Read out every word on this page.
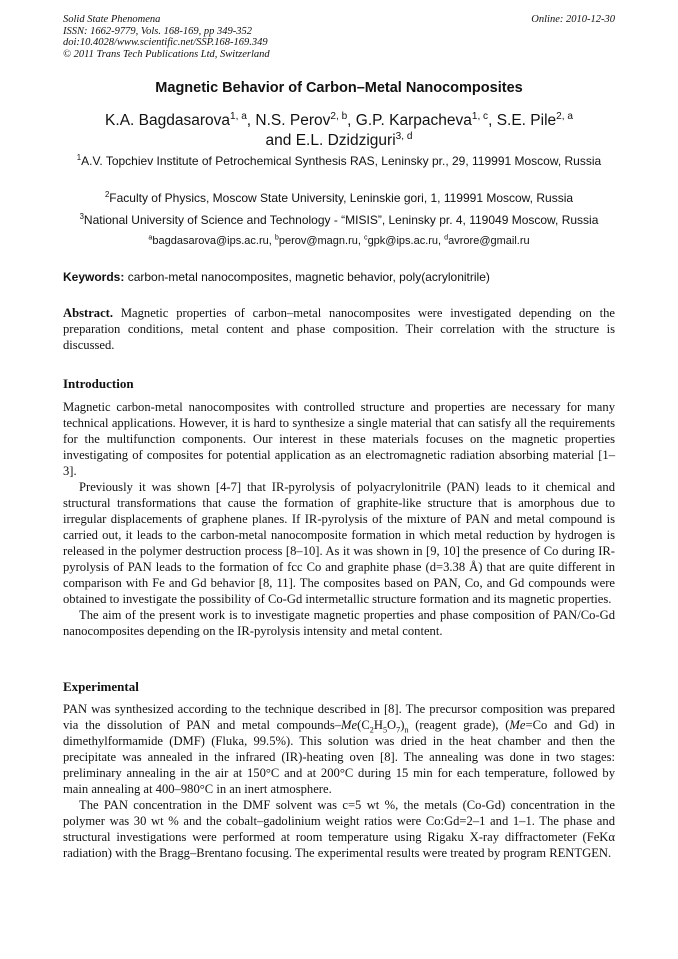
Solid State Phenomena
ISSN: 1662-9779, Vols. 168-169, pp 349-352
doi:10.4028/www.scientific.net/SSP.168-169.349
© 2011 Trans Tech Publications Ltd, Switzerland
Online: 2010-12-30
Magnetic Behavior of Carbon–Metal Nanocomposites
K.A. Bagdasarova$^{1, a}$, N.S. Perov$^{2, b}$, G.P. Karpacheva$^{1, c}$, S.E. Pile$^{2, a}$
and E.L. Dzidziguri$^{3, d}$
$^1$A.V. Topchiev Institute of Petrochemical Synthesis RAS, Leninsky pr., 29, 119991 Moscow, Russia
$^2$Faculty of Physics, Moscow State University, Leninskie gori, 1, 119991 Moscow, Russia
$^3$National University of Science and Technology - “MISIS”, Leninsky pr. 4, 119049 Moscow, Russia
$^a$bagdasarova@ips.ac.ru, $^b$perov@magn.ru, $^c$gpk@ips.ac.ru, $^d$avrore@gmail.ru
Keywords: carbon-metal nanocomposites, magnetic behavior, poly(acrylonitrile)

Abstract. Magnetic properties of carbon–metal nanocomposites were investigated depending on the preparation conditions, metal content and phase composition. Their correlation with the structure is discussed.

Introduction

Magnetic carbon-metal nanocomposites with controlled structure and properties are necessary for many technical applications. However, it is hard to synthesize a single material that can satisfy all the requirements for the multifunction components. Our interest in these materials focuses on the magnetic properties investigating of composites for potential application as an electromagnetic radiation absorbing material [1–3].

Previously it was shown [4-7] that IR-pyrolysis of polyacrylonitrile (PAN) leads to it chemical and structural transformations that cause the formation of graphite-like structure that is amorphous due to irregular displacements of graphene planes. If IR-pyrolysis of the mixture of PAN and metal compound is carried out, it leads to the carbon-metal nanocomposite formation in which metal reduction by hydrogen is released in the polymer destruction process [8–10]. As it was shown in [9, 10] the presence of Co during IR-pyrolysis of PAN leads to the formation of fcc Co and graphite phase (d=3.38 Å) that are quite different in comparison with Fe and Gd behavior [8, 11]. The composites based on PAN, Co, and Gd compounds were obtained to investigate the possibility of Co-Gd intermetallic structure formation and its magnetic properties.

The aim of the present work is to investigate magnetic properties and phase composition of PAN/Co-Gd nanocomposites depending on the IR-pyrolysis intensity and metal content.

Experimental

PAN was synthesized according to the technique described in [8]. The precursor composition was prepared via the dissolution of PAN and metal compounds–$Me(C_2H_5O_7)_n$ (reagent grade), (Me=Co and Gd) in dimethylformamide (DMF) (Fluka, 99.5%). This solution was dried in the heat chamber and then the precipitate was annealed in the infrared (IR)-heating oven [8]. The annealing was done in two stages: preliminary annealing in the air at 150°C and at 200°C during 15 min for each temperature, followed by main annealing at 400–980°C in an inert atmosphere.

The PAN concentration in the DMF solvent was c=5 wt %, the metals (Co-Gd) concentration in the polymer was 30 wt % and the cobalt–gadolinium weight ratios were Co:Gd=2–1 and 1–1. The phase and structural investigations were performed at room temperature using Rigaku X-ray diffractometer (FeKα radiation) with the Bragg–Brentano focusing. The experimental results were treated by program RENTGEN.
